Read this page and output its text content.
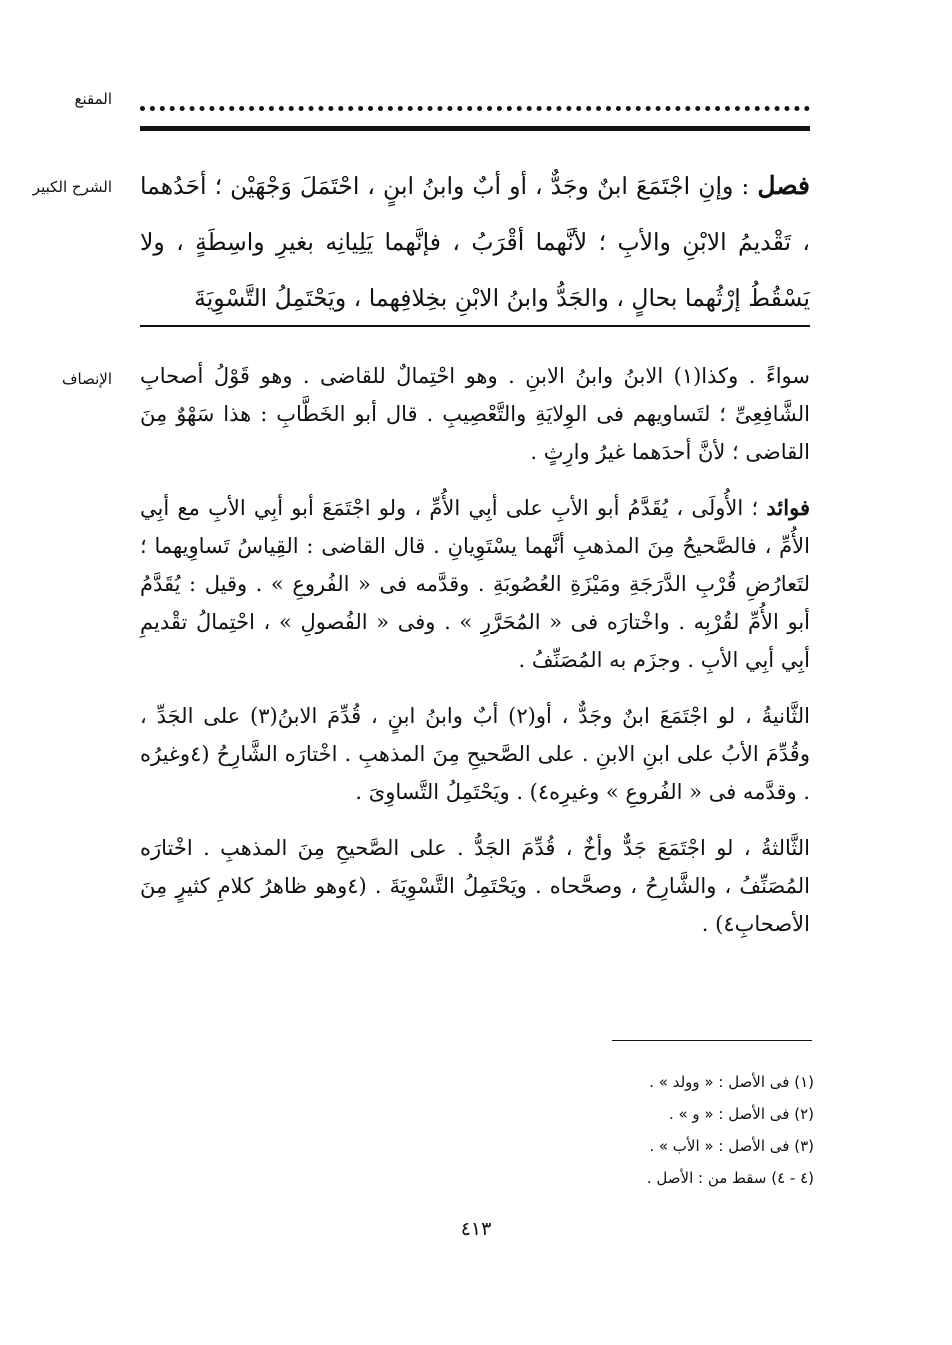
المقنع
الشرح الكبير	فصل : وإنِ اجْتَمَعَ ابنٌ وجَدٌّ ، أو أبٌ وابنُ ابنٍ ، احْتَمَلَ وَجْهَيْن ؛ أحَدُهما ، تَقْديمُ الابْنِ والأبِ ؛ لأنَّهما أقْرَبُ ، فإنَّهما يَلِيانِه بغيرِ واسِطَةٍ ، ولا يَسْقُطُ إرْثُهما بحالٍ ، والجَدُّ وابنُ الابْنِ بخِلافِهما ، ويَحْتَمِلُ التَّسْوِيَةَ
الإنصاف سواءً . وكذا(١) الابنُ وابنُ الابنِ . وهو احْتِمالٌ للقاضى . وهو قَوْلُ أصحابِ الشَّافِعِىِّ ؛ لتَساويهم فى الوِلايَةِ والتَّعْصِيبِ . قال أبو الخَطَّابِ : هذا سَهْوٌ مِنَ القاضى ؛ لأنَّ أحدَهما غيرُ وارِثٍ .

فوائد ؛ الأُولَى ، يُقَدَّمُ أبو الأبِ على أبِي الأُمِّ ، ولو اجْتَمَعَ أبو أبِي الأبِ مع أبِي الأُمِّ ، فالصَّحيحُ مِنَ المذهبِ أنَّهما يسْتَوِيانِ . قال القاضى : القِياسُ تَساوِيهما ؛ لتَعارُضِ قُرْبِ الدَّرَجَةِ ومَيْزَةِ العُصُوبَةِ . وقدَّمه فى « الفُروعِ » . وقيل : يُقَدَّمُ أبو الأُمِّ لقُرْبِه . واخْتارَه فى « المُحَرَّرِ » . وفى « الفُصولِ » ، احْتِمالُ تقْديمِ أبِي أبِي الأبِ . وجزَم به المُصَنِّفُ .

الثَّانيةُ ، لو اجْتَمَعَ ابنٌ وجَدٌّ ، أو(٢) أبٌ وابنُ ابنٍ ، قُدِّمَ الابنُ(٣) على الجَدِّ ، وقُدِّمَ الأبُ على ابنِ الابنِ . على الصَّحيحِ مِنَ المذهبِ . اخْتارَه الشَّارِحُ (٤وغيرُه . وقدَّمه فى « الفُروعِ » وغيرِه٤) . ويَحْتَمِلُ التَّساوِىَ .

الثَّالثةُ ، لو اجْتَمَعَ جَدٌّ وأخٌ ، قُدِّمَ الجَدُّ . على الصَّحيحِ مِنَ المذهبِ . اخْتارَه المُصَنِّفُ ، والشَّارِحُ ، وصحَّحاه . ويَحْتَمِلُ التَّسْوِيَةَ . (٤وهو ظاهرُ كلامِ كثيرٍ مِنَ الأصحابِ٤) .

(١) فى الأصل : « وولد » .
(٢) فى الأصل : « و » .
(٣) فى الأصل : « الأب » .
(٤ - ٤) سقط من : الأصل .
٤١٣
